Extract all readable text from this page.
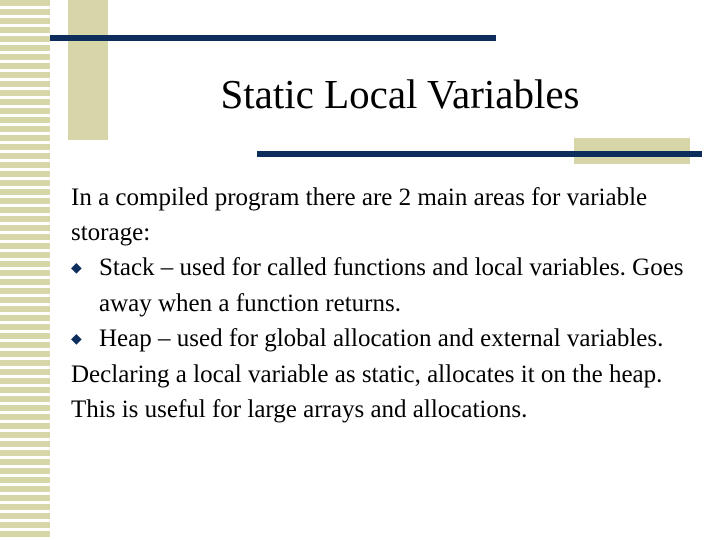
Static Local Variables

In a compiled program there are 2 main areas for variable storage:

◆ Stack – used for called functions and local variables. Goes away when a function returns.

◆ Heap – used for global allocation and external variables.

Declaring a local variable as static, allocates it on the heap. This is useful for large arrays and allocations.
